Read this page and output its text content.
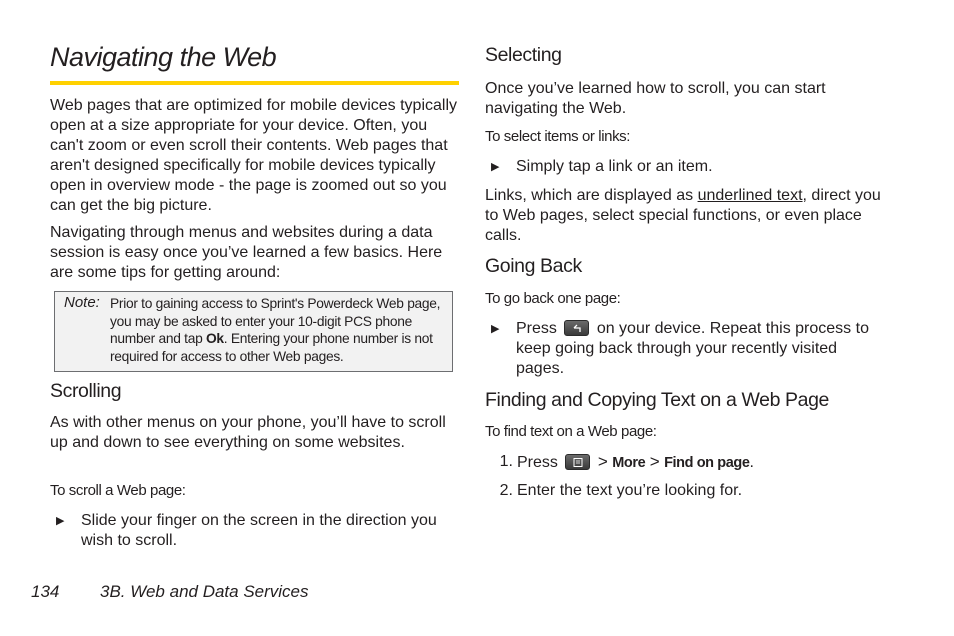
Navigating the Web

Web pages that are optimized for mobile devices typically open at a size appropriate for your device. Often, you can't zoom or even scroll their contents. Web pages that aren't designed specifically for mobile devices typically open in overview mode - the page is zoomed out so you can get the big picture.

Navigating through menus and websites during a data session is easy once you’ve learned a few basics. Here are some tips for getting around:

Note: Prior to gaining access to Sprint's Powerdeck Web page, you may be asked to enter your 10-digit PCS phone number and tap Ok. Entering your phone number is not required for access to other Web pages.
Scrolling

As with other menus on your phone, you’ll have to scroll up and down to see everything on some websites.

To scroll a Web page:

▶	Slide your finger on the screen in the direction you wish to scroll.
Selecting

Once you’ve learned how to scroll, you can start navigating the Web.

To select items or links:

▶	Simply tap a link or an item.

Links, which are displayed as underlined text, direct you to Web pages, select special functions, or even place calls.

Going Back

To go back one page:

▶	Press on your device. Repeat this process to keep going back through your recently visited pages.
Finding and Copying Text on a Web Page

To find text on a Web page:

1. Press > More > Find on page.
2. Enter the text you’re looking for.
134 3B. Web and Data Services
